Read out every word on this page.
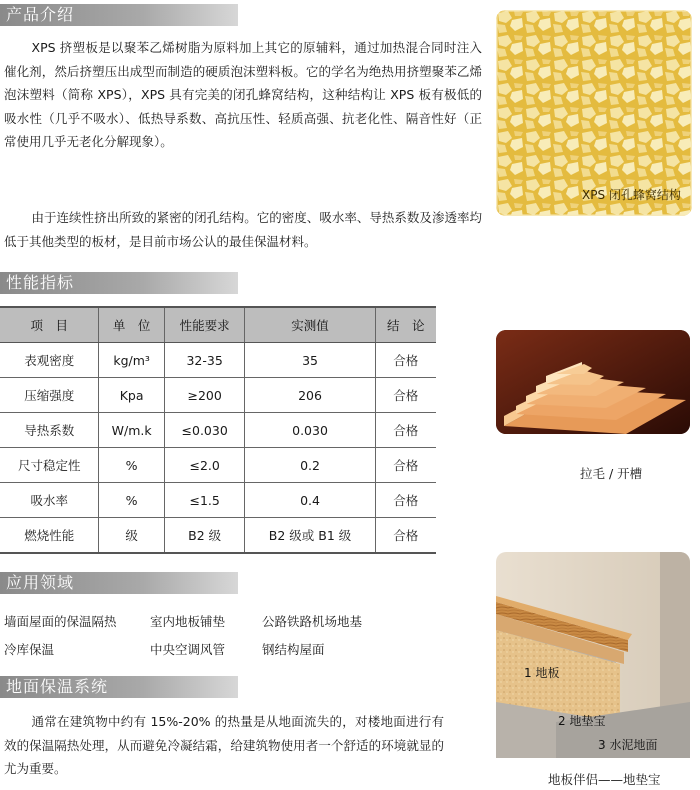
产品介绍

XPS 挤塑板是以聚苯乙烯树脂为原料加上其它的原辅料，通过加热混合同时注入催化剂，然后挤塑压出成型而制造的硬质泡沫塑料板。它的学名为绝热用挤塑聚苯乙烯泡沫塑料（简称 XPS），XPS 具有完美的闭孔蜂窝结构，这种结构让 XPS 板有极低的吸水性（几乎不吸水）、低热导系数、高抗压性、轻质高强、抗老化性、隔音性好（正常使用几乎无老化分解现象）。

由于连续性挤出所致的紧密的闭孔结构。它的密度、吸水率、导热系数及渗透率均低于其他类型的板材，是目前市场公认的最佳保温材料。

XPS 闭孔蜂窝结构
性能指标
项　目	单　位	性能要求	实测值	结　论
表观密度	kg/m³	32-35	35	合格
压缩强度	Kpa	≥200	206	合格
导热系数	W/m.k	≤0.030	0.030	合格
尺寸稳定性	%	≤2.0	0.2	合格
吸水率	%	≤1.5	0.4	合格
燃烧性能	级	B2 级	B2 级或 B1 级	合格
拉毛 / 开槽
应用领域
墙面屋面的保温隔热	室内地板铺垫	公路铁路机场地基
冷库保温	中央空调风管	钢结构屋面
地面保温系统

通常在建筑物中约有 15%-20% 的热量是从地面流失的，对楼地面进行有效的保温隔热处理，从而避免冷凝结霜，给建筑物使用者一个舒适的环境就显的尤为重要。

1 地板
2 地垫宝
3 水泥地面
地板伴侣——地垫宝
